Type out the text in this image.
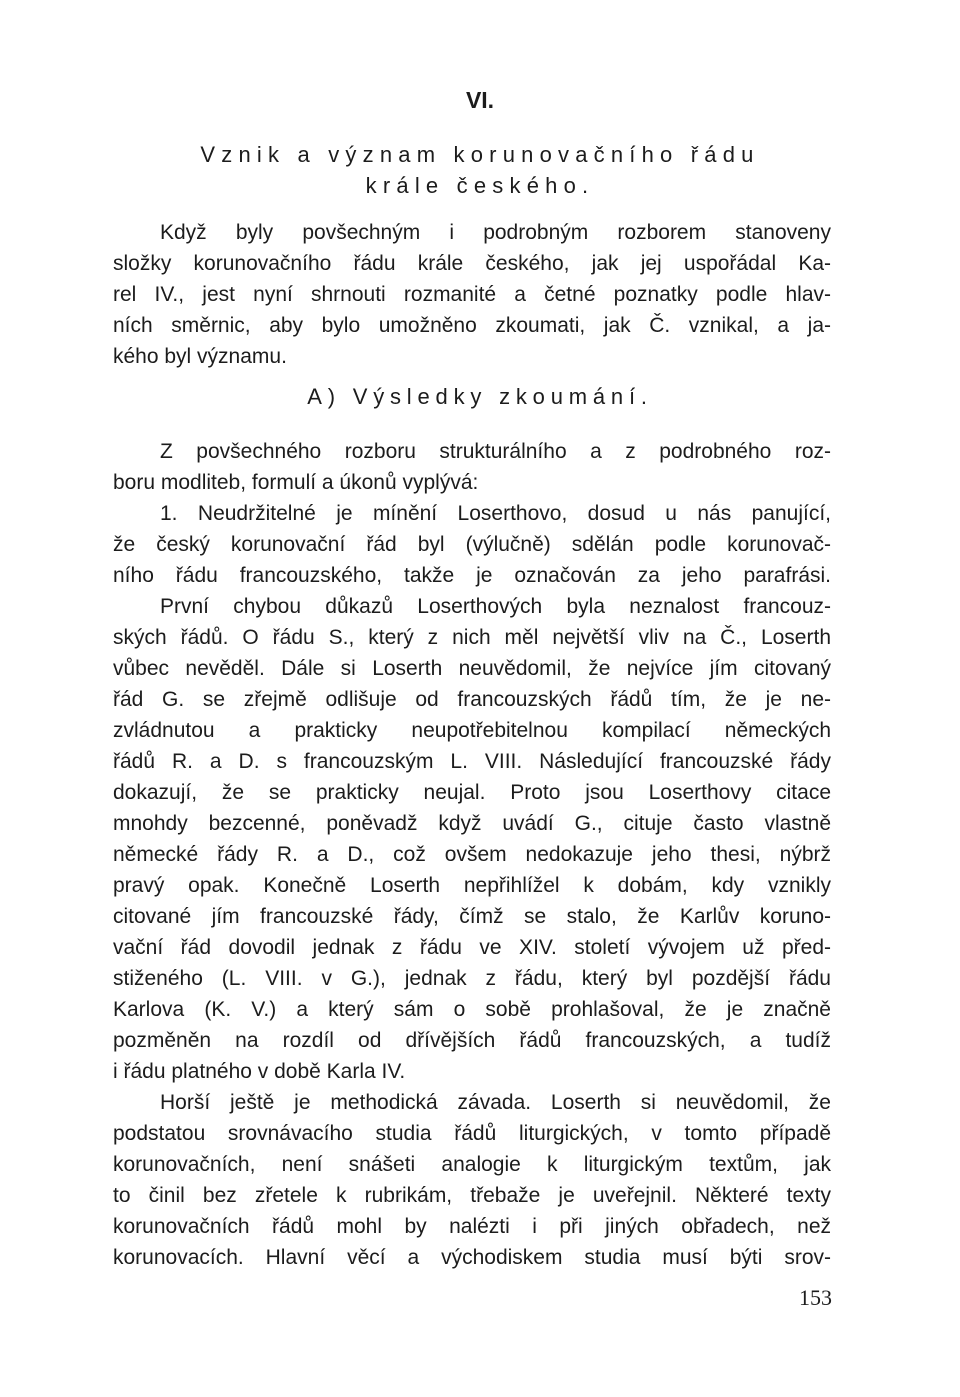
VI.
Vznik a význam korunovačního řádu
krále českého.
Když byly povšechným i podrobným rozborem stanoveny
složky korunovačního řádu krále českého, jak jej uspořádal Ka-
rel IV., jest nyní shrnouti rozmanité a četné poznatky podle hlav-
ních směrnic, aby bylo umožněno zkoumati, jak Č. vznikal, a ja-
kého byl významu.
A) Výsledky zkoumání.
Z povšechného rozboru strukturálního a z podrobného roz-
boru modliteb, formulí a úkonů vyplývá:
1. Neudržitelné je mínění Loserthovo, dosud u nás panující,
že český korunovační řád byl (výlučně) sdělán podle korunovač-
ního řádu francouzského, takže je označován za jeho parafrási.
První chybou důkazů Loserthových byla neznalost francouz-
ských řádů. O řádu S., který z nich měl největší vliv na Č., Loserth
vůbec nevěděl. Dále si Loserth neuvědomil, že nejvíce jím citovaný
řád G. se zřejmě odlišuje od francouzských řádů tím, že je ne-
zvládnutou a prakticky neupotřebitelnou kompilací německých
řádů R. a D. s francouzským L. VIII. Následující francouzské řády
dokazují, že se prakticky neujal. Proto jsou Loserthovy citace
mnohdy bezcenné, poněvadž když uvádí G., cituje často vlastně
německé řády R. a D., což ovšem nedokazuje jeho thesi, nýbrž
pravý opak. Konečně Loserth nepřihlížel k dobám, kdy vznikly
citované jím francouzské řády, čímž se stalo, že Karlův koruno-
vační řád dovodil jednak z řádu ve XIV. století vývojem už před-
stiženého (L. VIII. v G.), jednak z řádu, který byl pozdější řádu
Karlova (K. V.) a který sám o sobě prohlašoval, že je značně
pozměněn na rozdíl od dřívějších řádů francouzských, a tudíž
i řádu platného v době Karla IV.
Horší ještě je methodická závada. Loserth si neuvědomil, že
podstatou srovnávacího studia řádů liturgických, v tomto případě
korunovačních, není snášeti analogie k liturgickým textům, jak
to činil bez zřetele k rubrikám, třebaže je uveřejnil. Některé texty
korunovačních řádů mohl by nalézti i při jiných obřadech, než
korunovacích. Hlavní věcí a východiskem studia musí býti srov-
153
